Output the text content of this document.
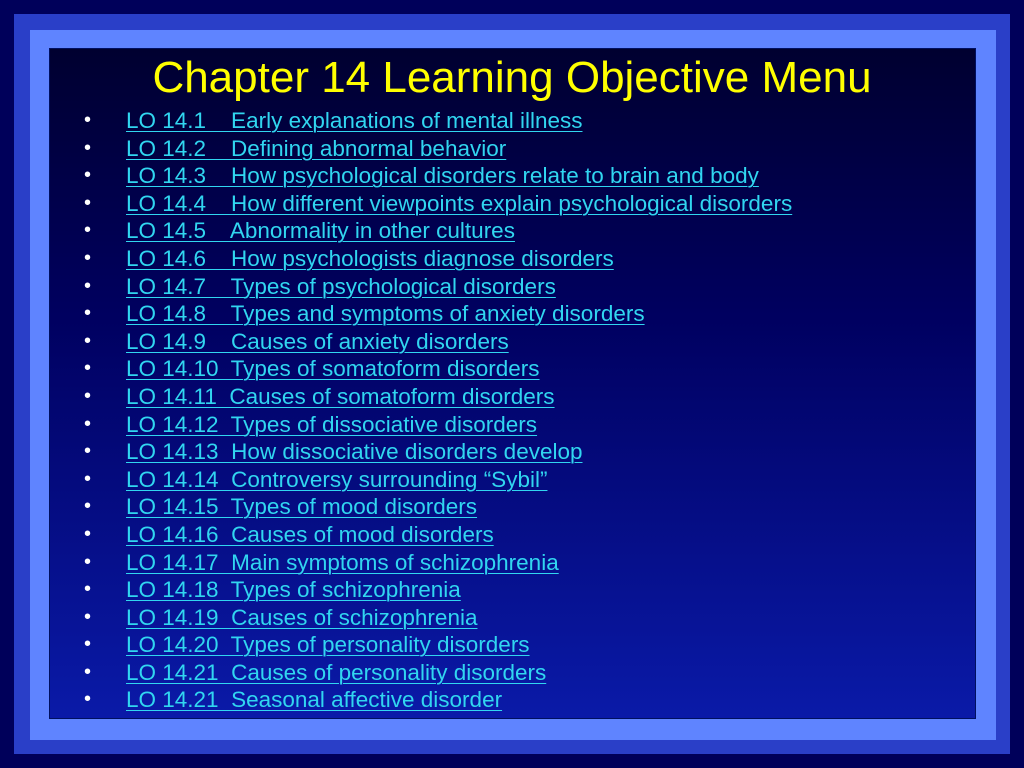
Chapter 14 Learning Objective Menu
•	LO 14.1    Early explanations of mental illness
•	LO 14.2    Defining abnormal behavior
•	LO 14.3    How psychological disorders relate to brain and body
•	LO 14.4    How different viewpoints explain psychological disorders
•	LO 14.5    Abnormality in other cultures
•	LO 14.6    How psychologists diagnose disorders
•	LO 14.7    Types of psychological disorders
•	LO 14.8    Types and symptoms of anxiety disorders
•	LO 14.9    Causes of anxiety disorders
•	LO 14.10  Types of somatoform disorders
•	LO 14.11  Causes of somatoform disorders
•	LO 14.12  Types of dissociative disorders
•	LO 14.13  How dissociative disorders develop
•	LO 14.14  Controversy surrounding “Sybil”
•	LO 14.15  Types of mood disorders
•	LO 14.16  Causes of mood disorders
•	LO 14.17  Main symptoms of schizophrenia
•	LO 14.18  Types of schizophrenia
•	LO 14.19  Causes of schizophrenia
•	LO 14.20  Types of personality disorders
•	LO 14.21  Causes of personality disorders
•	LO 14.21  Seasonal affective disorder
